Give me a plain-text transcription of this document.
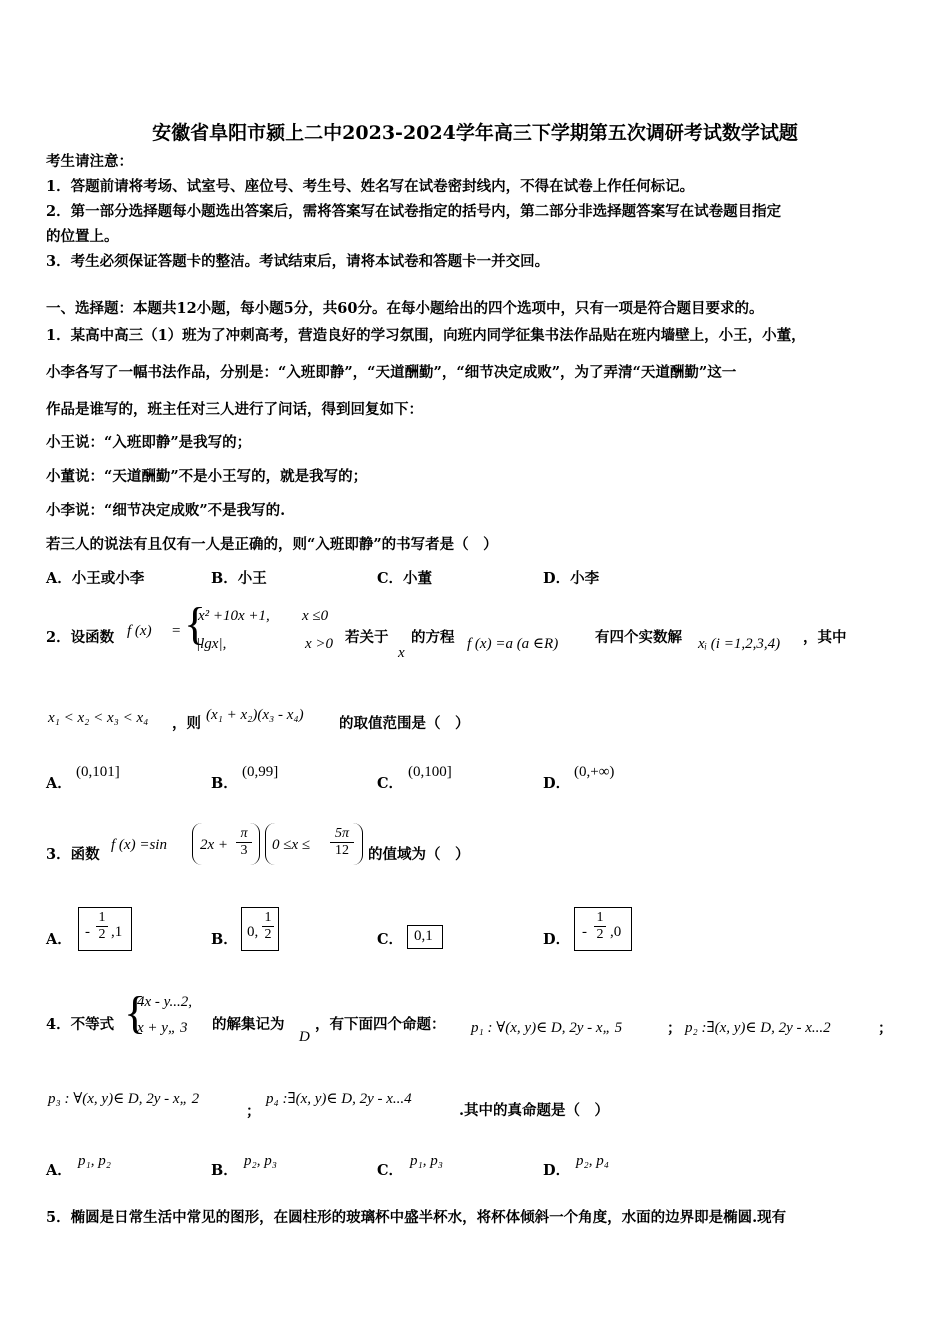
安徽省阜阳市颍上二中2023-2024学年高三下学期第五次调研考试数学试题
考生请注意：
1．答题前请将考场、试室号、座位号、考生号、姓名写在试卷密封线内，不得在试卷上作任何标记。
2．第一部分选择题每小题选出答案后，需将答案写在试卷指定的括号内，第二部分非选择题答案写在试卷题目指定
的位置上。
3．考生必须保证答题卡的整洁。考试结束后，请将本试卷和答题卡一并交回。
一、选择题：本题共12小题，每小题5分，共60分。在每小题给出的四个选项中，只有一项是符合题目要求的。
1．某高中高三（1）班为了冲刺高考，营造良好的学习氛围，向班内同学征集书法作品贴在班内墙壁上，小王，小董，
小李各写了一幅书法作品，分别是：“入班即静”，“天道酬勤”，“细节决定成败”，为了弄清“天道酬勤”这一
作品是谁写的，班主任对三人进行了问话，得到回复如下：
小王说：“入班即静”是我写的；
小董说：“天道酬勤”不是小王写的，就是我写的；
小李说：“细节决定成败”不是我写的.
若三人的说法有且仅有一人是正确的，则“入班即静”的书写者是（　）
A．小王或小李	B．小王	C．小董	D．小李
2．设函数 f (x) = {
x² +10x +1, x ≤0
|lgx|,	x >0 若关于
x
的方程 f (x) =a (a ∈R)	有四个实数解 xᵢ (i =1,2,3,4) ，其中
x₁ < x₂ < x₃ < x₄ ，则 (x₁ + x₂)(x₃ - x₄) 的取值范围是（　）
A．
(0,101]
B．
(0,99]
C．
(0,100]
D．
(0,+∞)
3．函数
f (x) =sin $2x + \frac{\pi}{3} 0 \le x \le \frac{5\pi}{12}$ 的值域为（　）
A． - $\frac{1}{2} ,1$	B． 0, $\frac{1}{2}$	C． 0,1	D． - $\frac{1}{2} ,0$
4．不等式 {
4x - y...2,
x + y„ 3 的解集记为
D
，有下面四个命题： p₁ : ∀(x, y)∈ D, 2y - x„ 5	； p₂ :∃(x, y)∈ D, 2y - x...2	；
p₃ : ∀(x, y)∈ D, 2y - x„ 2
；
p₄ :∃(x, y)∈ D, 2y - x...4
.其中的真命题是（　）
A．
p₁, p₂
B．
p₂, p₃
C．
p₁, p₃
D．
p₂, p₄
5．椭圆是日常生活中常见的图形，在圆柱形的玻璃杯中盛半杯水，将杯体倾斜一个角度，水面的边界即是椭圆.现有
